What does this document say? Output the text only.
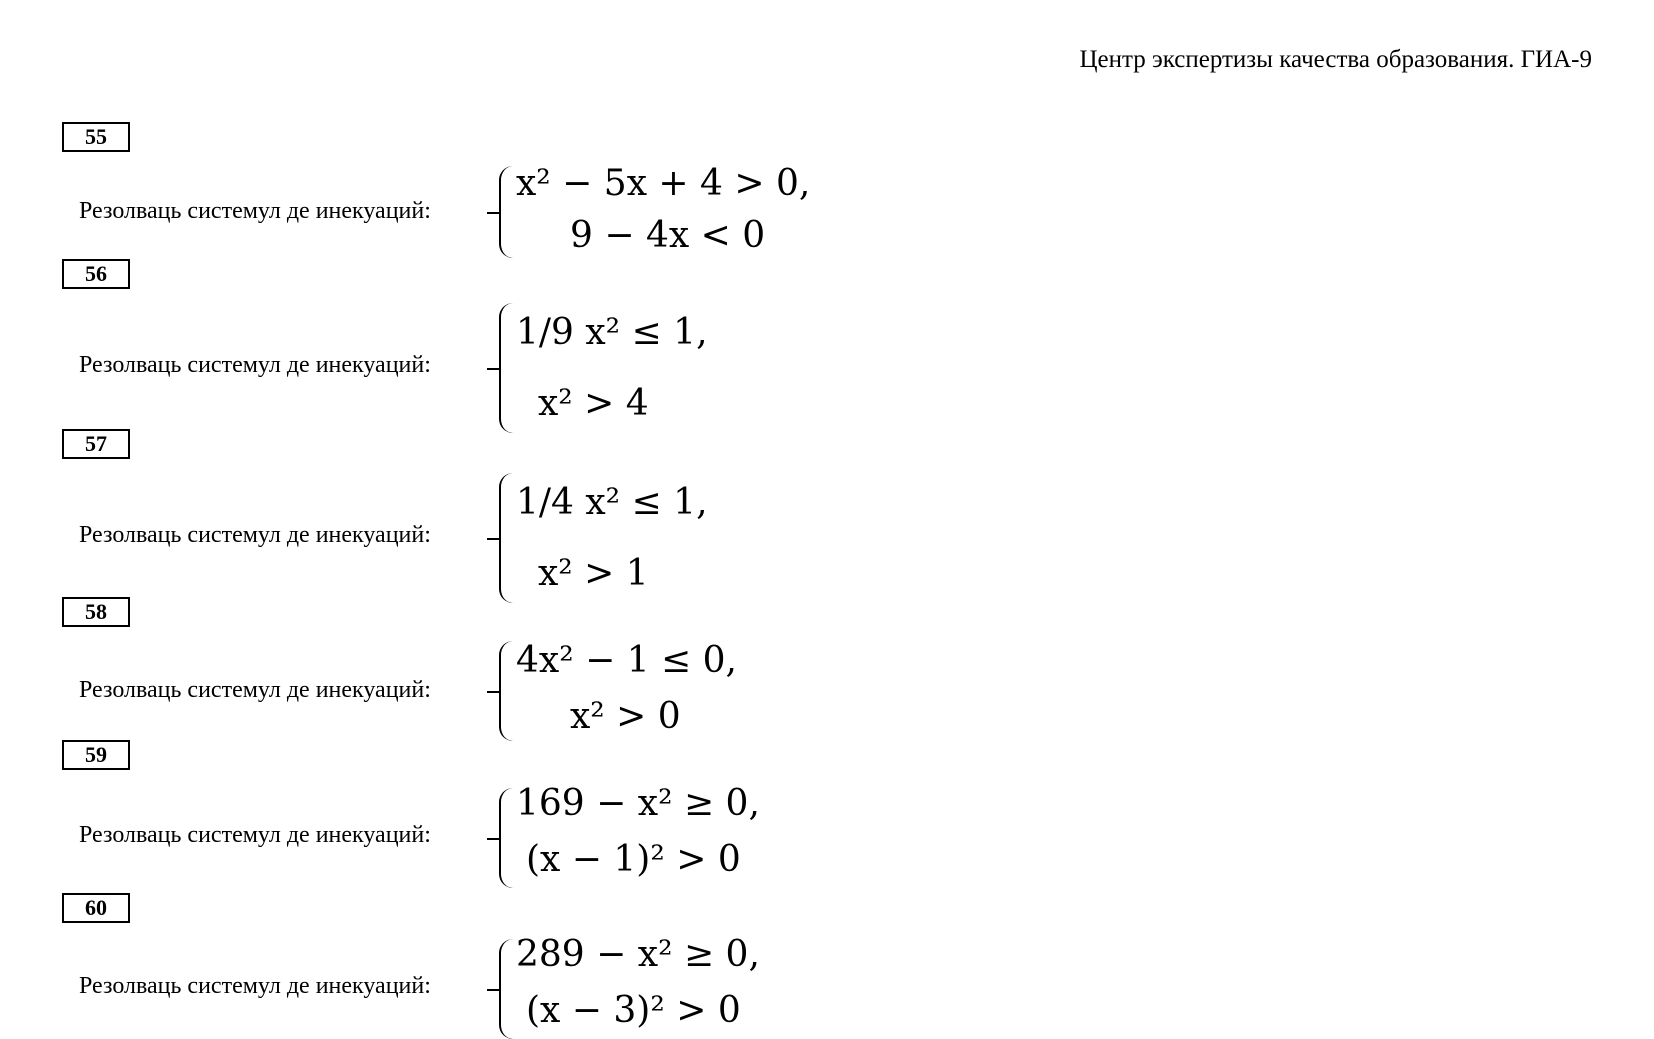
Центр экспертизы качества образования. ГИА-9
55
Резолваць системул де инекуаций:
x² − 5x + 4 > 0,
9 − 4x < 0
56
Резолваць системул де инекуаций:
1/9 x² ≤ 1,
x² > 4
57
Резолваць системул де инекуаций:
1/4 x² ≤ 1,
x² > 1
58
Резолваць системул де инекуаций:
4x² − 1 ≤ 0,
x² > 0
59
Резолваць системул де инекуаций:
169 − x² ≥ 0,
(x − 1)² > 0
60
Резолваць системул де инекуаций:
289 − x² ≥ 0,
(x − 3)² > 0
